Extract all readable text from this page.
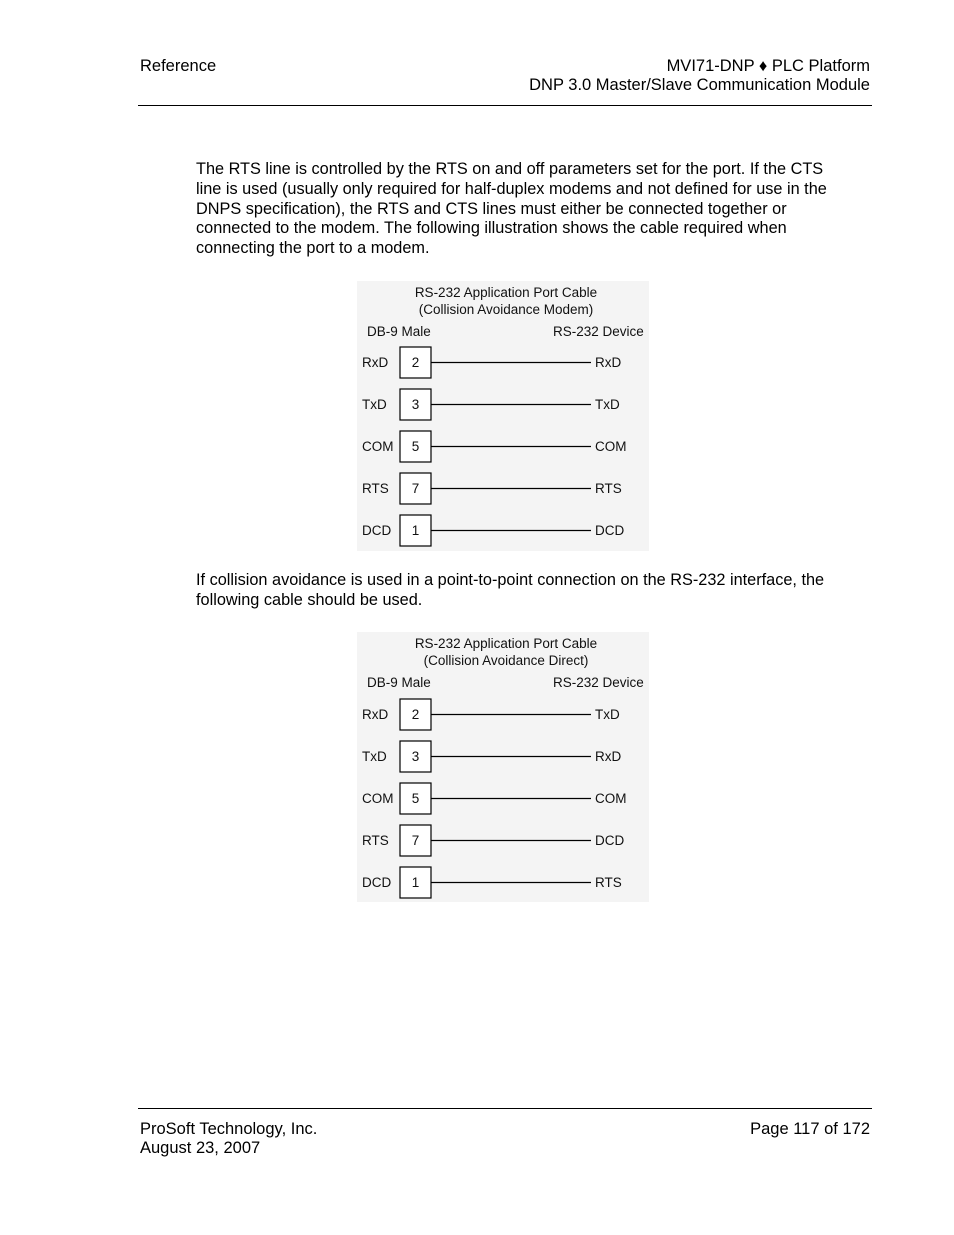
Reference	MVI71-DNP ♦ PLC Platform
DNP 3.0 Master/Slave Communication Module

The RTS line is controlled by the RTS on and off parameters set for the port. If the CTS line is used (usually only required for half-duplex modems and not defined for use in the DNPS specification), the RTS and CTS lines must either be connected together or connected to the modem. The following illustration shows the cable required when connecting the port to a modem.

RS-232 Application Port Cable
(Collision Avoidance Modem)
DB-9 Male	RS-232 Device
RxD 2	RxD
TxD 3	TxD
COM 5	COM
RTS 7	RTS
DCD 1	DCD

If collision avoidance is used in a point-to-point connection on the RS-232 interface, the following cable should be used.

RS-232 Application Port Cable
(Collision Avoidance Direct)
DB-9 Male	RS-232 Device
RxD 2	TxD
TxD 3	RxD
COM 5	COM
RTS 7	DCD
DCD 1	RTS
ProSoft Technology, Inc.
August 23, 2007
Page 117 of 172
